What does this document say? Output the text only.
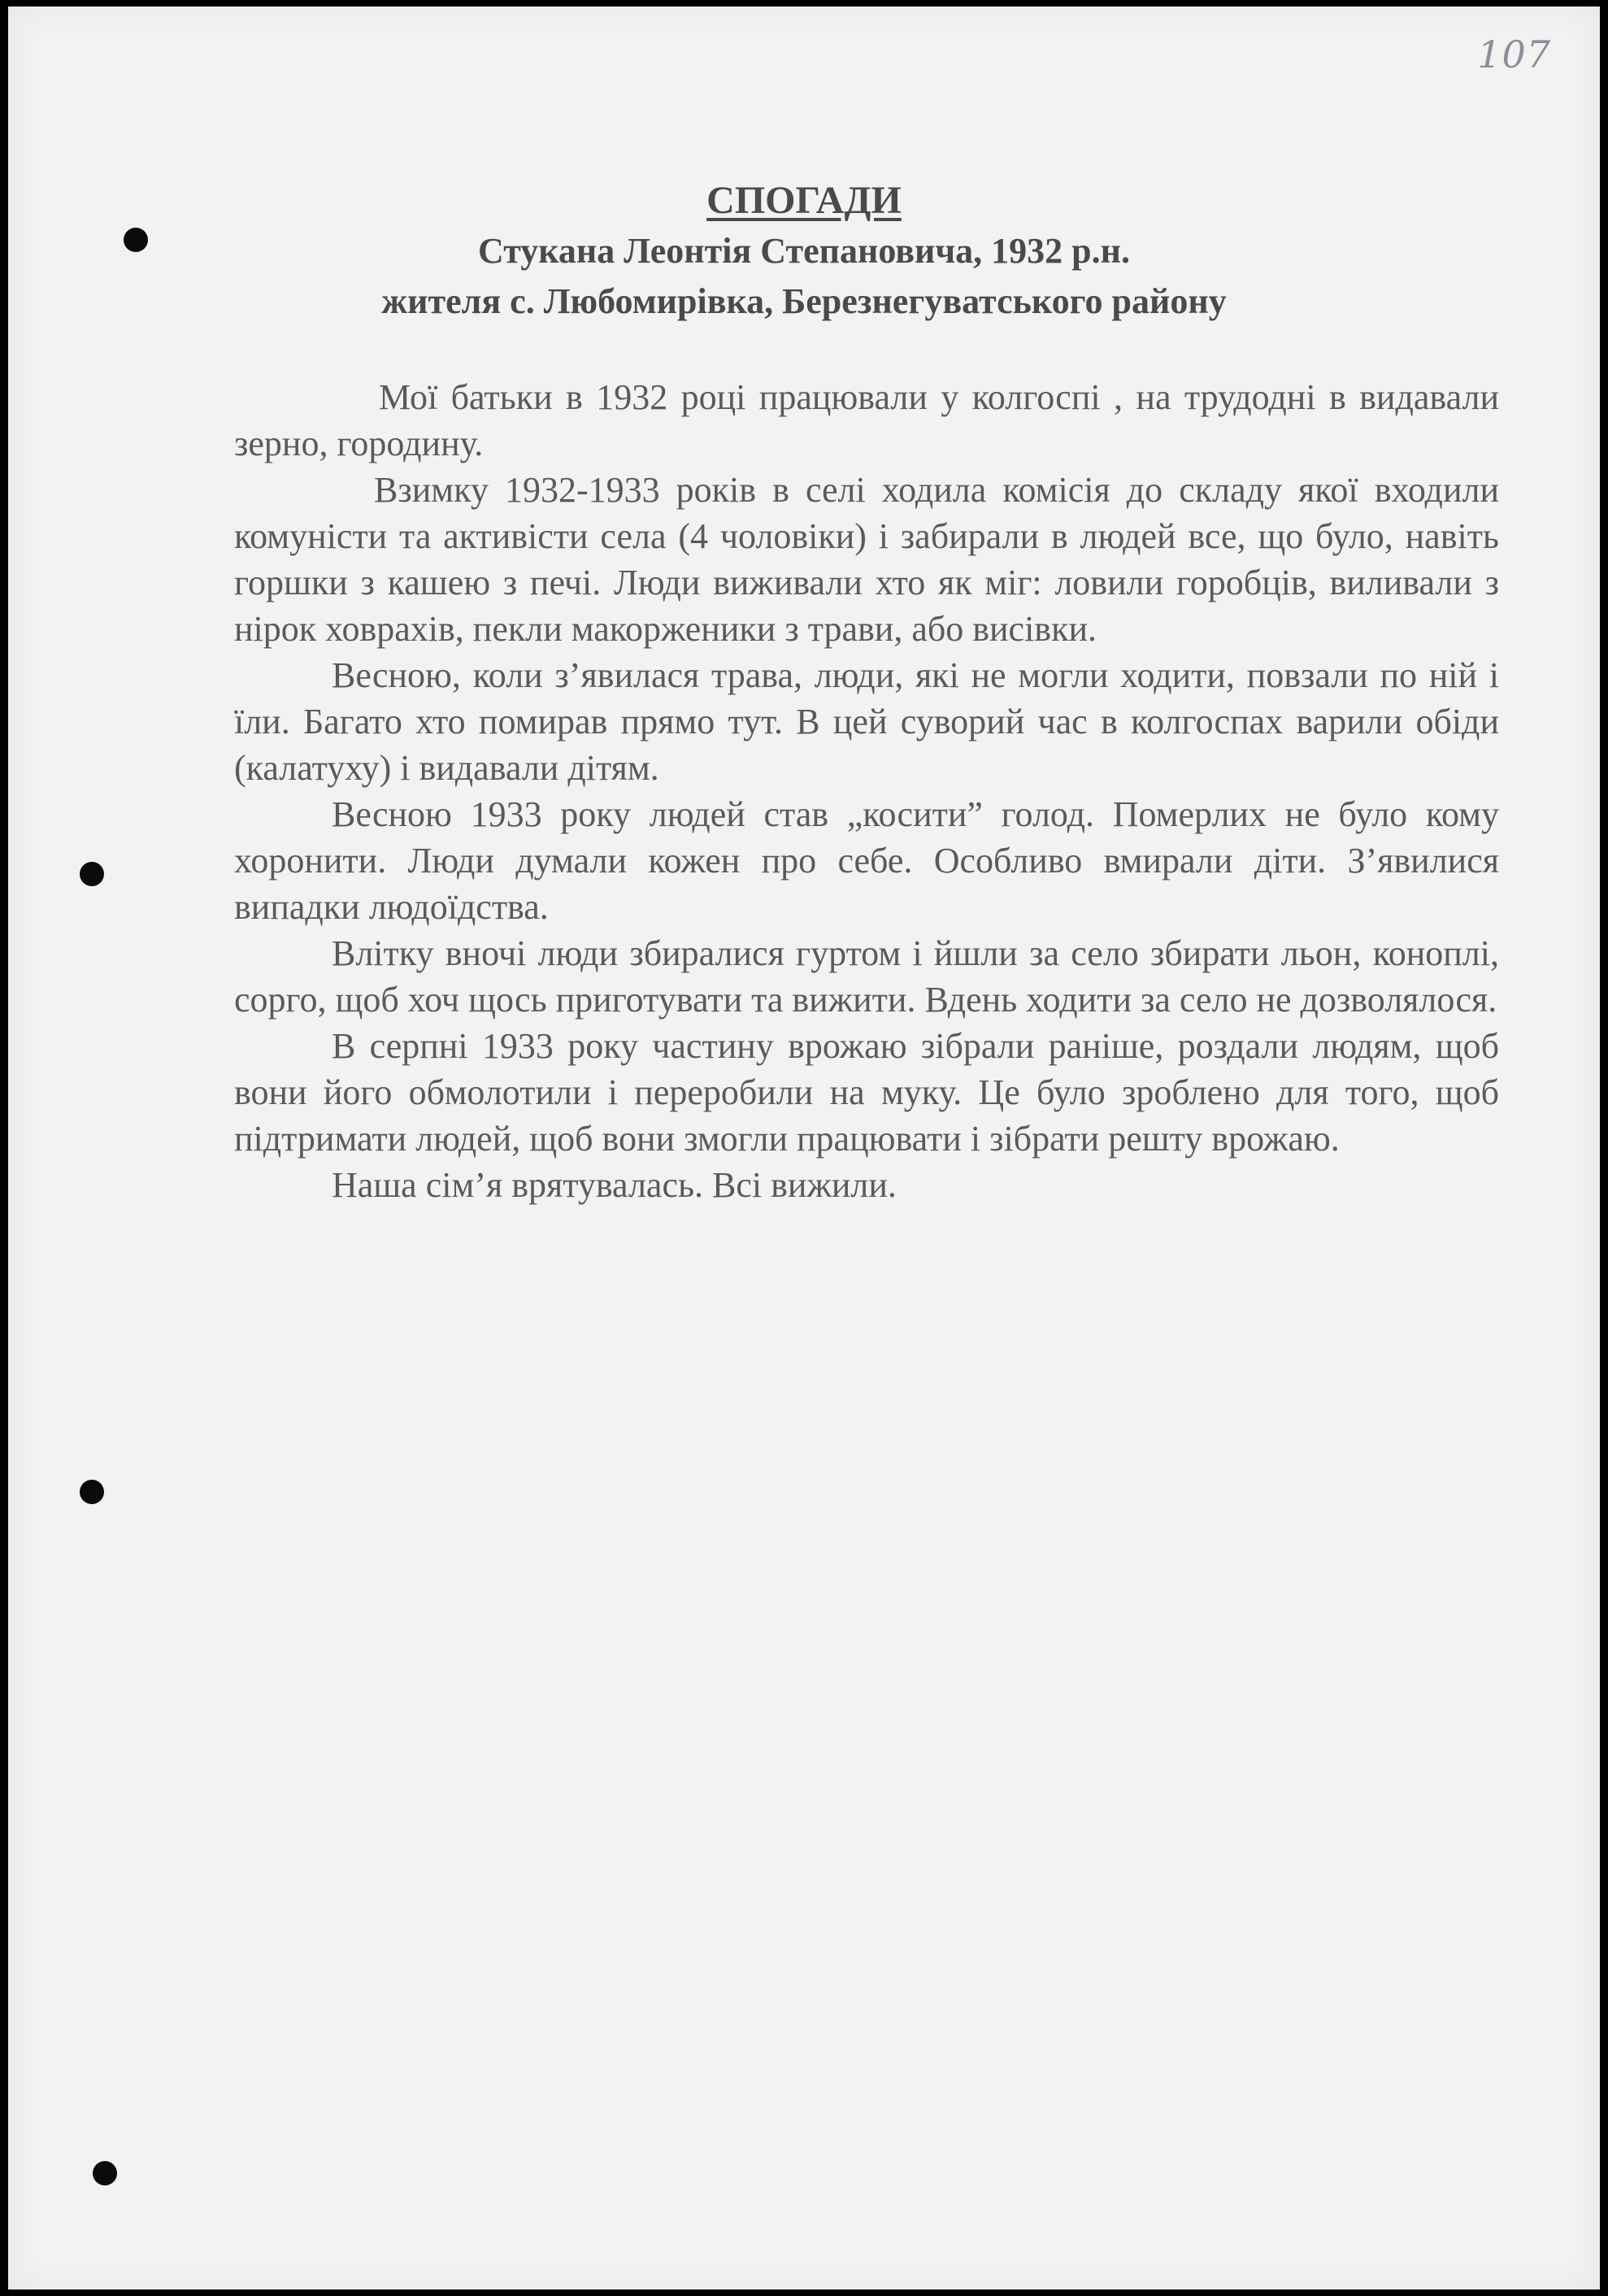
107
СПОГАДИ
Стукана Леонтія Степановича, 1932 р.н.
жителя с. Любомирівка, Березнегуватського району

Мої батьки в 1932 році працювали у колгоспі , на трудодні в видавали зерно, городину.

Взимку 1932-1933 років в селі ходила комісія до складу якої входили комуністи та активісти села (4 чоловіки) і забирали в людей все, що було, навіть горшки з кашею з печі. Люди виживали хто як міг: ловили горобців, виливали з нірок ховрахів, пекли макорженики з трави, або висівки.

Весною, коли з’явилася трава, люди, які не могли ходити, повзали по ній і їли. Багато хто помирав прямо тут. В цей суворий час в колгоспах варили обіди (калатуху) і видавали дітям.

Весною 1933 року людей став „косити” голод. Померлих не було кому хоронити. Люди думали кожен про себе. Особливо вмирали діти. З’явилися випадки людоїдства.

Влітку вночі люди збиралися гуртом і йшли за село збирати льон, коноплі, сорго, щоб хоч щось приготувати та вижити. Вдень ходити за село не дозволялося.

В серпні 1933 року частину врожаю зібрали раніше, роздали людям, щоб вони його обмолотили і переробили на муку. Це було зроблено для того, щоб підтримати людей, щоб вони змогли працювати і зібрати решту врожаю.

Наша сім’я врятувалась. Всі вижили.
